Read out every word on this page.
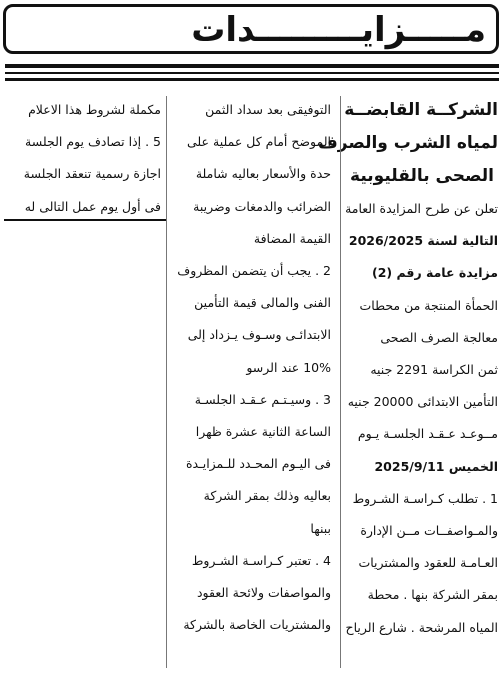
مـــــزايـــــــــدات
الشركــة القابضــة
لمياه الشرب والصرف
الصحى بالقليوبية
تعلن عن طرح المزايدة العامة
التالية لسنة 2026/2025
مزايدة عامة رقم (2)
الحمأة المنتجة من محطات
معالجة الصرف الصحى
ثمن الكراسة 2291 جنيه
التأمين الابتدائى 20000 جنيه
مــوعـد عـقـد الجلسـة يـوم
الخميس 2025/9/11
1 . تطلب كـراسـة الشـروط
والمـواصفــات مــن الإدارة
العـامـة للعقود والمشتريات
بمقر الشركة بنها . محطة
المياه المرشحة . شارع الرياح
التوفيقى بعد سداد الثمن
الموضح أمام كل عملية على
حدة والأسعار بعاليه شاملة
الضرائب والدمغات وضريبة
القيمة المضافة
2 . يجب أن يتضمن المظروف
الفنى والمالى قيمة التأمين
الابتدائـى وسـوف يـزداد إلى
10% عند الرسو
3 . وسيـتـم عـقـد الجلسـة
الساعة الثانية عشرة ظهرا
فى اليـوم المحـدد للـمزايـدة
بعاليه وذلك بمقر الشركة
ببنها
4 . تعتبر كـراسـة الشـروط
والمواصفات ولائحة العقود
والمشتريات الخاصة بالشركة
مكملة لشروط هذا الاعلام
5 . إذا تصادف يوم الجلسة
اجازة رسمية تنعقد الجلسة
فى أول يوم عمل التالى له
